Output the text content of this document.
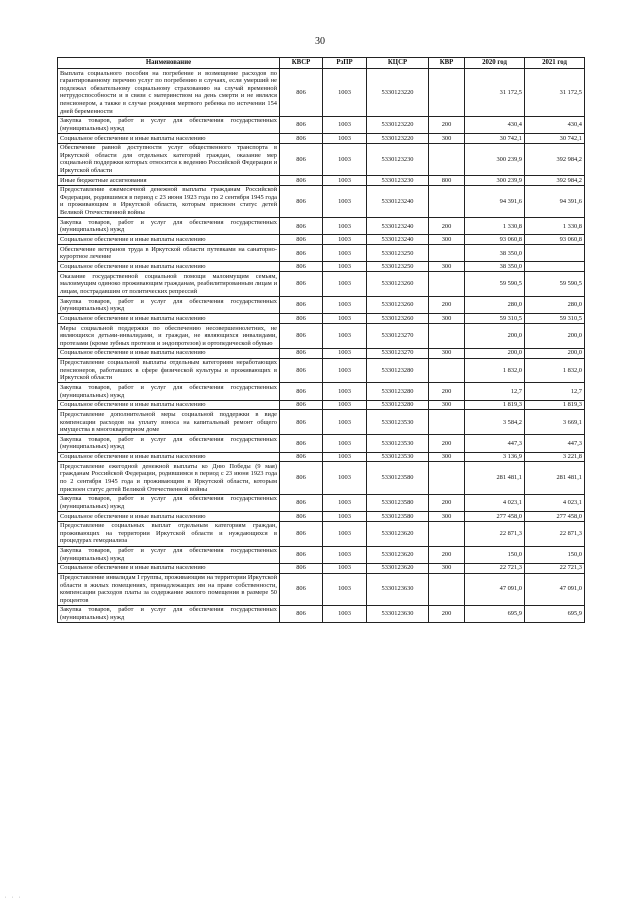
30
Наименование	КВСР	РзПР	КЦСР	КВР	2020 год	2021 год
Выплата социального пособия на погребение и возмещение расходов по гарантированному перечню услуг по погребению в случаях, если умерший не подлежал обязательному социальному страхованию на случай временной нетрудоспособности и в связи с материнством на день смерти и не являлся пенсионером, а также в случае рождения мертвого ребенка по истечении 154 дней беременности	806	1003	5330123220		31 172,5	31 172,5
Закупка товаров, работ и услуг для обеспечения государственных (муниципальных) нужд	806	1003	5330123220	200	430,4	430,4
Социальное обеспечение и иные выплаты населению	806	1003	5330123220	300	30 742,1	30 742,1
Обеспечение равной доступности услуг общественного транспорта в Иркутской области для отдельных категорий граждан, оказание мер социальной поддержки которых относится к ведению Российской Федерации и Иркутской области	806	1003	5330123230		300 239,9	392 984,2
Иные бюджетные ассигнования	806	1003	5330123230	800	300 239,9	392 984,2
Предоставление ежемесячной денежной выплаты гражданам Российской Федерации, родившимся в период с 23 июня 1923 года по 2 сентября 1945 года и проживающим в Иркутской области, которым присвоен статус детей Великой Отечественной войны	806	1003	5330123240		94 391,6	94 391,6
Закупка товаров, работ и услуг для обеспечения государственных (муниципальных) нужд	806	1003	5330123240	200	1 330,8	1 330,8
Социальное обеспечение и иные выплаты населению	806	1003	5330123240	300	93 060,8	93 060,8
Обеспечение ветеранов труда в Иркутской области путевками на санаторно-курортное лечение	806	1003	5330123250		38 350,0	
Социальное обеспечение и иные выплаты населению	806	1003	5330123250	300	38 350,0	
Оказание государственной социальной помощи малоимущим семьям, малоимущим одиноко проживающим гражданам, реабилитированным лицам и лицам, пострадавшим от политических репрессий	806	1003	5330123260		59 590,5	59 590,5
Закупка товаров, работ и услуг для обеспечения государственных (муниципальных) нужд	806	1003	5330123260	200	280,0	280,0
Социальное обеспечение и иные выплаты населению	806	1003	5330123260	300	59 310,5	59 310,5
Меры социальной поддержки по обеспечению несовершеннолетних, не являющихся детьми-инвалидами, и граждан, не являющихся инвалидами, протезами (кроме зубных протезов и эндопротезов) и ортопедической обувью	806	1003	5330123270		200,0	200,0
Социальное обеспечение и иные выплаты населению	806	1003	5330123270	300	200,0	200,0
Предоставление социальной выплаты отдельным категориям неработающих пенсионеров, работавших в сфере физической культуры и проживающих в Иркутской области	806	1003	5330123280		1 832,0	1 832,0
Закупка товаров, работ и услуг для обеспечения государственных (муниципальных) нужд	806	1003	5330123280	200	12,7	12,7
Социальное обеспечение и иные выплаты населению	806	1003	5330123280	300	1 819,3	1 819,3
Предоставление дополнительной меры социальной поддержки в виде компенсации расходов на уплату взноса на капитальный ремонт общего имущества в многоквартирном доме	806	1003	5330123530		3 584,2	3 669,1
Закупка товаров, работ и услуг для обеспечения государственных (муниципальных) нужд	806	1003	5330123530	200	447,3	447,3
Социальное обеспечение и иные выплаты населению	806	1003	5330123530	300	3 136,9	3 221,8
Предоставление ежегодной денежной выплаты ко Дню Победы (9 мая) гражданам Российской Федерации, родившимся в период с 23 июня 1923 года по 2 сентября 1945 года и проживающим в Иркутской области, которым присвоен статус детей Великой Отечественной войны	806	1003	5330123580		281 481,1	281 481,1
Закупка товаров, работ и услуг для обеспечения государственных (муниципальных) нужд	806	1003	5330123580	200	4 023,1	4 023,1
Социальное обеспечение и иные выплаты населению	806	1003	5330123580	300	277 458,0	277 458,0
Предоставление социальных выплат отдельным категориям граждан, проживающих на территории Иркутской области и нуждающихся в процедурах гемодиализа	806	1003	5330123620		22 871,3	22 871,3
Закупка товаров, работ и услуг для обеспечения государственных (муниципальных) нужд	806	1003	5330123620	200	150,0	150,0
Социальное обеспечение и иные выплаты населению	806	1003	5330123620	300	22 721,3	22 721,3
Предоставление инвалидам I группы, проживающим на территории Иркутской области в жилых помещениях, принадлежащих им на праве собственности, компенсации расходов платы за содержание жилого помещения в размере 50 процентов	806	1003	5330123630		47 091,0	47 091,0
Закупка товаров, работ и услуг для обеспечения государственных (муниципальных) нужд	806	1003	5330123630	200	695,9	695,9
· · ·
